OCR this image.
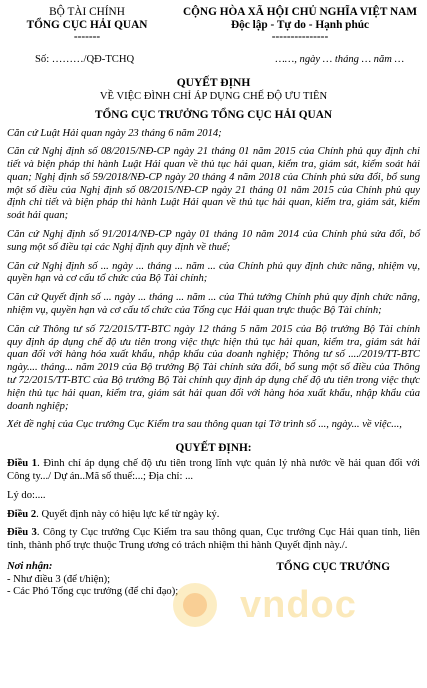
BỘ TÀI CHÍNH
TỔNG CỤC HẢI QUAN
-------
CỘNG HÒA XÃ HỘI CHỦ NGHĨA VIỆT NAM
Độc lập - Tự do - Hạnh phúc
---------------
Số: ………/QĐ-TCHQ	……, ngày … tháng … năm …
QUYẾT ĐỊNH
VỀ VIỆC ĐÌNH CHỈ ÁP DỤNG CHẾ ĐỘ ƯU TIÊN
TỔNG CỤC TRƯỞNG TỔNG CỤC HẢI QUAN

Căn cứ Luật Hải quan ngày 23 tháng 6 năm 2014;

Căn cứ Nghị định số 08/2015/NĐ-CP ngày 21 tháng 01 năm 2015 của Chính phủ quy định chi tiết và biện pháp thi hành Luật Hải quan về thủ tục hải quan, kiểm tra, giám sát, kiểm soát hải quan; Nghị định số 59/2018/NĐ-CP ngày 20 tháng 4 năm 2018 của Chính phủ sửa đổi, bổ sung một số điều của Nghị định số 08/2015/NĐ-CP ngày 21 tháng 01 năm 2015 của Chính phủ quy định chi tiết và biện pháp thi hành Luật Hải quan về thủ tục hải quan, kiểm tra, giám sát, kiểm soát hải quan;

Căn cứ Nghị định số 91/2014/NĐ-CP ngày 01 tháng 10 năm 2014 của Chính phủ sửa đổi, bổ sung một số điều tại các Nghị định quy định về thuế;

Căn cứ Nghị định số ... ngày ... tháng ... năm ... của Chính phủ quy định chức năng, nhiệm vụ, quyền hạn và cơ cấu tổ chức của Bộ Tài chính;

Căn cứ Quyết định số ... ngày ... tháng ... năm ... của Thủ tướng Chính phủ quy định chức năng, nhiệm vụ, quyền hạn và cơ cấu tổ chức của Tổng cục Hải quan trực thuộc Bộ Tài chính;

Căn cứ Thông tư số 72/2015/TT-BTC ngày 12 tháng 5 năm 2015 của Bộ trưởng Bộ Tài chính quy định áp dụng chế độ ưu tiên trong việc thực hiện thủ tục hải quan, kiểm tra, giám sát hải quan đối với hàng hóa xuất khẩu, nhập khẩu của doanh nghiệp; Thông tư số ..../2019/TT-BTC ngày.... tháng... năm 2019 của Bộ trưởng Bộ Tài chính sửa đổi, bổ sung một số điều của Thông tư 72/2015/TT-BTC của Bộ trưởng Bộ Tài chính quy định áp dụng chế độ ưu tiên trong việc thực hiện thủ tục hải quan, kiểm tra, giám sát hải quan đối với hàng hóa xuất khẩu, nhập khẩu của doanh nghiệp;

Xét đề nghị của Cục trưởng Cục Kiểm tra sau thông quan tại Tờ trình số ..., ngày... về việc...,

QUYẾT ĐỊNH:

Điều 1. Đình chỉ áp dụng chế độ ưu tiên trong lĩnh vực quản lý nhà nước về hải quan đối với Công ty.../ Dự án..Mã số thuế:...; Địa chỉ: ...

Lý do:....

Điều 2. Quyết định này có hiệu lực kể từ ngày ký.

Điều 3. Công ty Cục trưởng Cục Kiểm tra sau thông quan, Cục trưởng Cục Hải quan tỉnh, liên tỉnh, thành phố trực thuộc Trung ương có trách nhiệm thi hành Quyết định này./.

Nơi nhận:
- Như điều 3 (để t/hiện);
- Các Phó Tổng cục trưởng (để chỉ đạo);
TỔNG CỤC TRƯỞNG
vndoc
